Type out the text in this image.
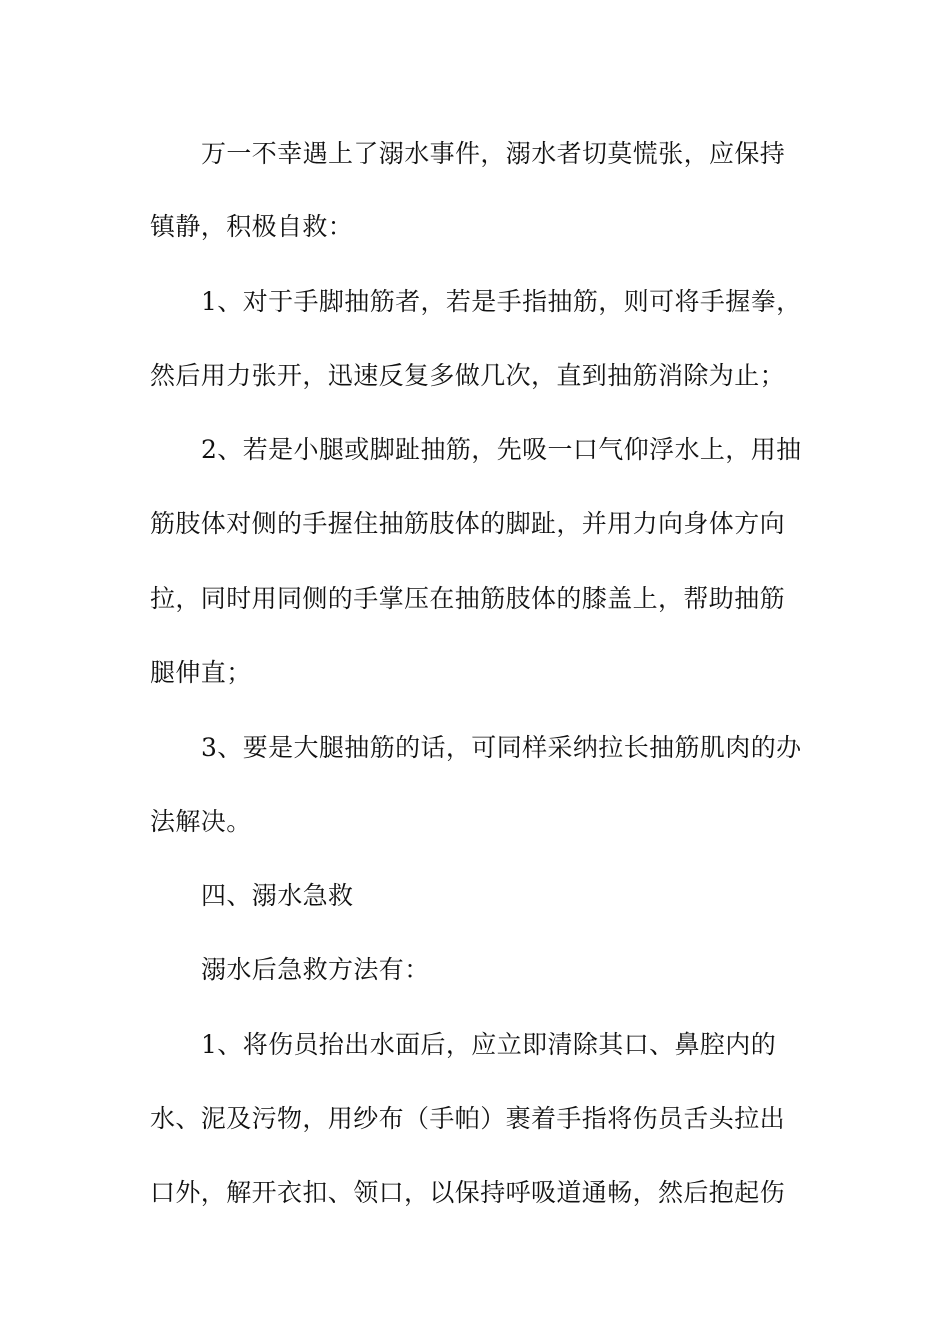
万一不幸遇上了溺水事件，溺水者切莫慌张，应保持
镇静，积极自救：
1、对于手脚抽筋者，若是手指抽筋，则可将手握拳，
然后用力张开，迅速反复多做几次，直到抽筋消除为止；
2、若是小腿或脚趾抽筋，先吸一口气仰浮水上，用抽
筋肢体对侧的手握住抽筋肢体的脚趾，并用力向身体方向
拉，同时用同侧的手掌压在抽筋肢体的膝盖上，帮助抽筋
腿伸直；
3、要是大腿抽筋的话，可同样采纳拉长抽筋肌肉的办
法解决。
四、溺水急救
溺水后急救方法有：
1、将伤员抬出水面后，应立即清除其口、鼻腔内的
水、泥及污物，用纱布（手帕）裹着手指将伤员舌头拉出
口外，解开衣扣、领口，以保持呼吸道通畅，然后抱起伤
